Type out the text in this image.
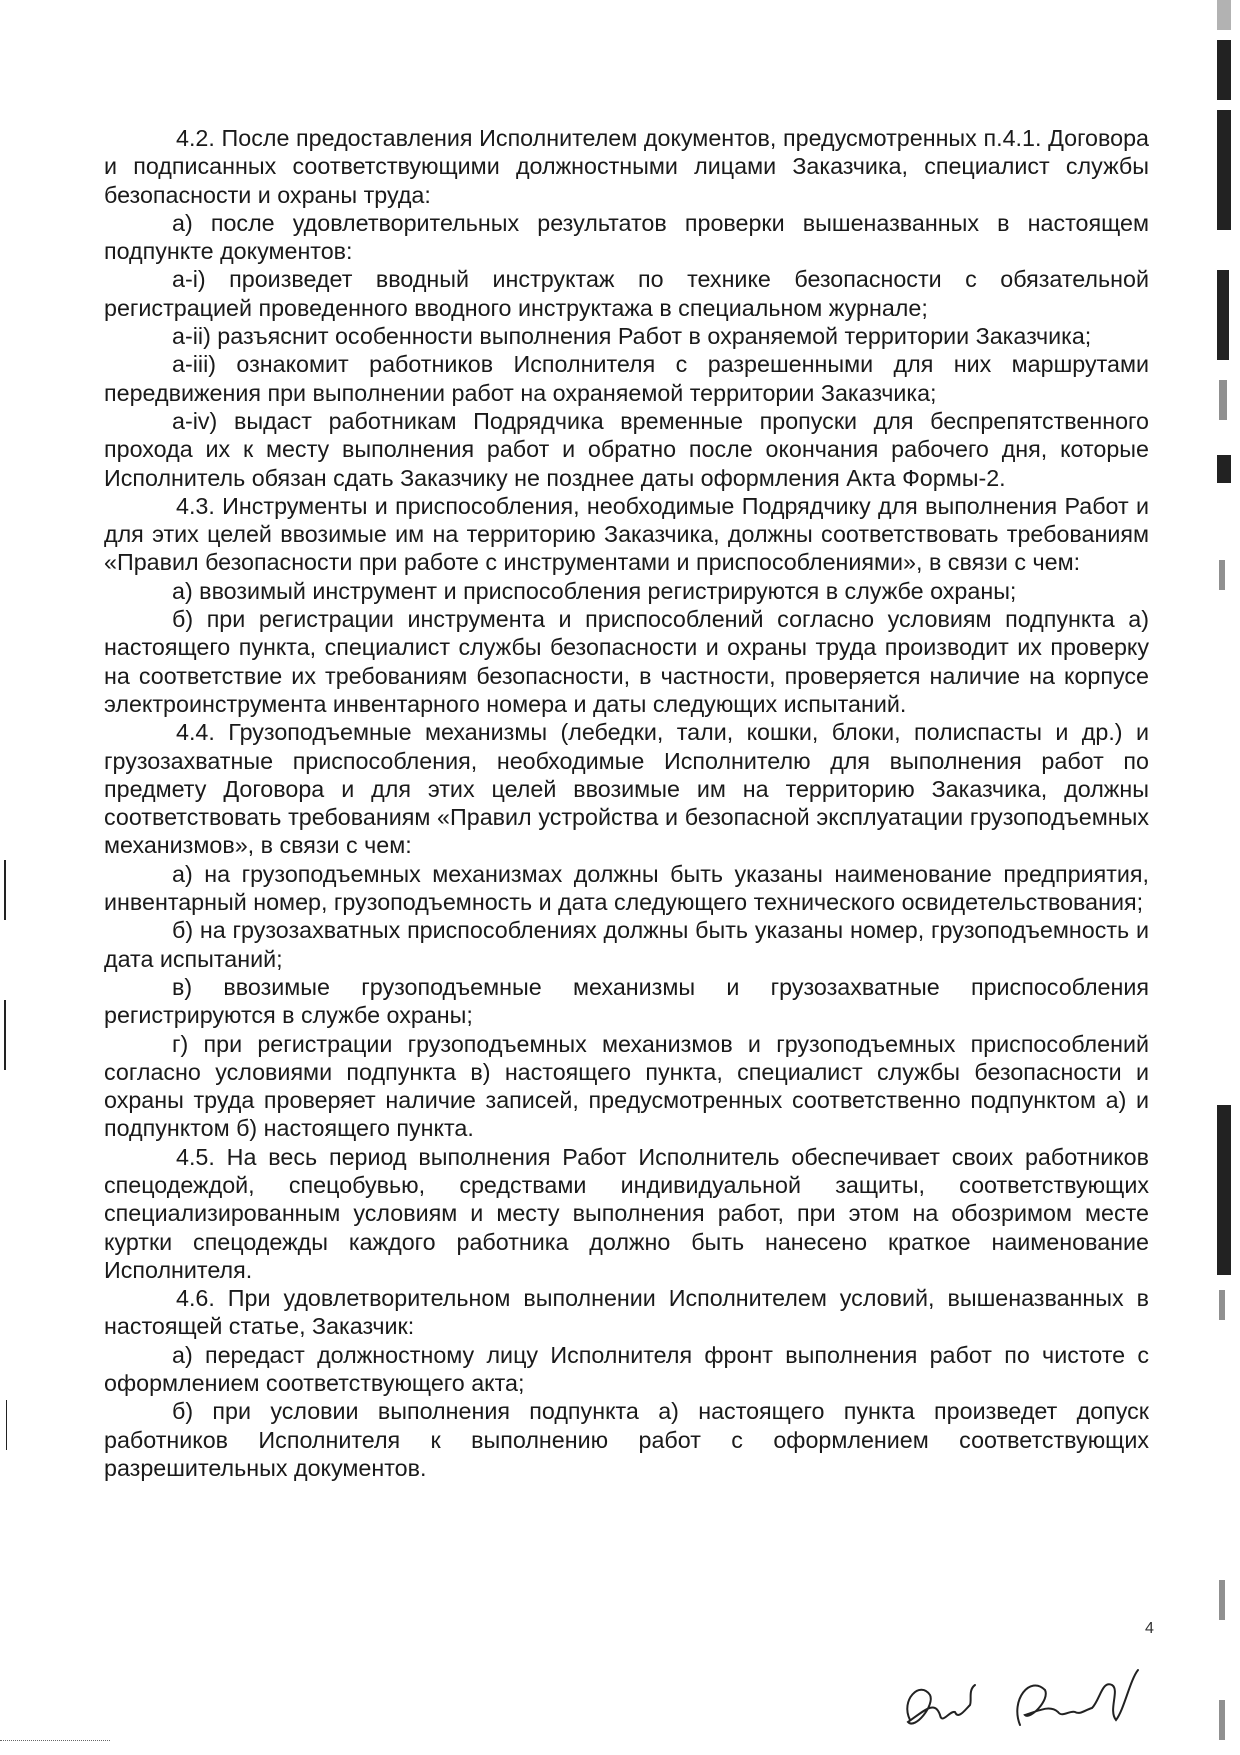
4.2. После предоставления Исполнителем документов, предусмотренных п.4.1. Договора и подписанных соответствующими должностными лицами Заказчика, специалист службы безопасности и охраны труда:

а) после удовлетворительных результатов проверки вышеназванных в настоящем подпункте документов:

а-i) произведет вводный инструктаж по технике безопасности с обязательной регистрацией проведенного вводного инструктажа в специальном журнале;

а-ii) разъяснит особенности выполнения Работ в охраняемой территории Заказчика;

а-iii) ознакомит работников Исполнителя с разрешенными для них маршрутами передвижения при выполнении работ на охраняемой территории Заказчика;

а-iv) выдаст работникам Подрядчика временные пропуски для беспрепятственного прохода их к месту выполнения работ и обратно после окончания рабочего дня, которые Исполнитель обязан сдать Заказчику не позднее даты оформления Акта Формы-2.

4.3. Инструменты и приспособления, необходимые Подрядчику для выполнения Работ и для этих целей ввозимые им на территорию Заказчика, должны соответствовать требованиям «Правил безопасности при работе с инструментами и приспособлениями», в связи с чем:

а) ввозимый инструмент и приспособления регистрируются в службе охраны;

б) при регистрации инструмента и приспособлений согласно условиям подпункта а) настоящего пункта, специалист службы безопасности и охраны труда производит их проверку на соответствие их требованиям безопасности, в частности, проверяется наличие на корпусе электроинструмента инвентарного номера и даты следующих испытаний.

4.4. Грузоподъемные механизмы (лебедки, тали, кошки, блоки, полиспасты и др.) и грузозахватные приспособления, необходимые Исполнителю для выполнения работ по предмету Договора и для этих целей ввозимые им на территорию Заказчика, должны соответствовать требованиям «Правил устройства и безопасной эксплуатации грузоподъемных механизмов», в связи с чем:

а) на грузоподъемных механизмах должны быть указаны наименование предприятия, инвентарный номер, грузоподъемность и дата следующего технического освидетельствования;

б) на грузозахватных приспособлениях должны быть указаны номер, грузоподъемность и дата испытаний;

в) ввозимые грузоподъемные механизмы и грузозахватные приспособления регистрируются в службе охраны;

г) при регистрации грузоподъемных механизмов и грузоподъемных приспособлений согласно условиями подпункта в) настоящего пункта, специалист службы безопасности и охраны труда проверяет наличие записей, предусмотренных соответственно подпунктом а) и подпунктом б) настоящего пункта.

4.5. На весь период выполнения Работ Исполнитель обеспечивает своих работников спецодеждой, спецобувью, средствами индивидуальной защиты, соответствующих специализированным условиям и месту выполнения работ, при этом на обозримом месте куртки спецодежды каждого работника должно быть нанесено краткое наименование Исполнителя.

4.6. При удовлетворительном выполнении Исполнителем условий, вышеназванных в настоящей статье, Заказчик:

а) передаст должностному лицу Исполнителя фронт выполнения работ по чистоте с оформлением соответствующего акта;

б) при условии выполнения подпункта а) настоящего пункта произведет допуск работников Исполнителя к выполнению работ с оформлением соответствующих разрешительных документов.

4
